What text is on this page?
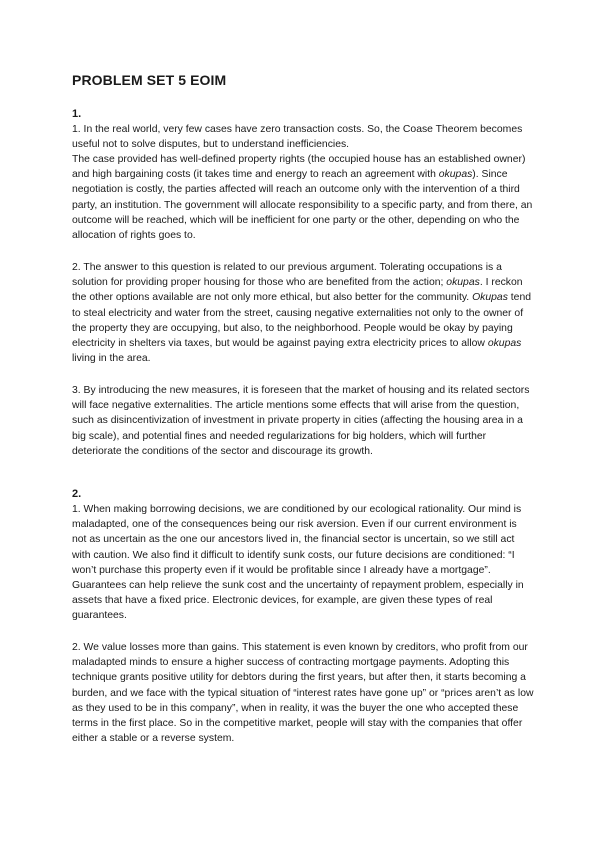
PROBLEM SET 5 EOIM
1.

1. In the real world, very few cases have zero transaction costs. So, the Coase Theorem becomes useful not to solve disputes, but to understand inefficiencies.

The case provided has well-defined property rights (the occupied house has an established owner) and high bargaining costs (it takes time and energy to reach an agreement with okupas). Since negotiation is costly, the parties affected will reach an outcome only with the intervention of a third party, an institution. The government will allocate responsibility to a specific party, and from there, an outcome will be reached, which will be inefficient for one party or the other, depending on who the allocation of rights goes to.

2. The answer to this question is related to our previous argument. Tolerating occupations is a solution for providing proper housing for those who are benefited from the action; okupas. I reckon the other options available are not only more ethical, but also better for the community. Okupas tend to steal electricity and water from the street, causing negative externalities not only to the owner of the property they are occupying, but also, to the neighborhood. People would be okay by paying electricity in shelters via taxes, but would be against paying extra electricity prices to allow okupas living in the area.

3. By introducing the new measures, it is foreseen that the market of housing and its related sectors will face negative externalities. The article mentions some effects that will arise from the question, such as disincentivization of investment in private property in cities (affecting the housing area in a big scale), and potential fines and needed regularizations for big holders, which will further deteriorate the conditions of the sector and discourage its growth.

2.

1. When making borrowing decisions, we are conditioned by our ecological rationality. Our mind is maladapted, one of the consequences being our risk aversion. Even if our current environment is not as uncertain as the one our ancestors lived in, the financial sector is uncertain, so we still act with caution. We also find it difficult to identify sunk costs, our future decisions are conditioned: “I won’t purchase this property even if it would be profitable since I already have a mortgage”. Guarantees can help relieve the sunk cost and the uncertainty of repayment problem, especially in assets that have a fixed price. Electronic devices, for example, are given these types of real guarantees.

2. We value losses more than gains. This statement is even known by creditors, who profit from our maladapted minds to ensure a higher success of contracting mortgage payments. Adopting this technique grants positive utility for debtors during the first years, but after then, it starts becoming a burden, and we face with the typical situation of “interest rates have gone up” or “prices aren’t as low as they used to be in this company”, when in reality, it was the buyer the one who accepted these terms in the first place. So in the competitive market, people will stay with the companies that offer either a stable or a reverse system.
